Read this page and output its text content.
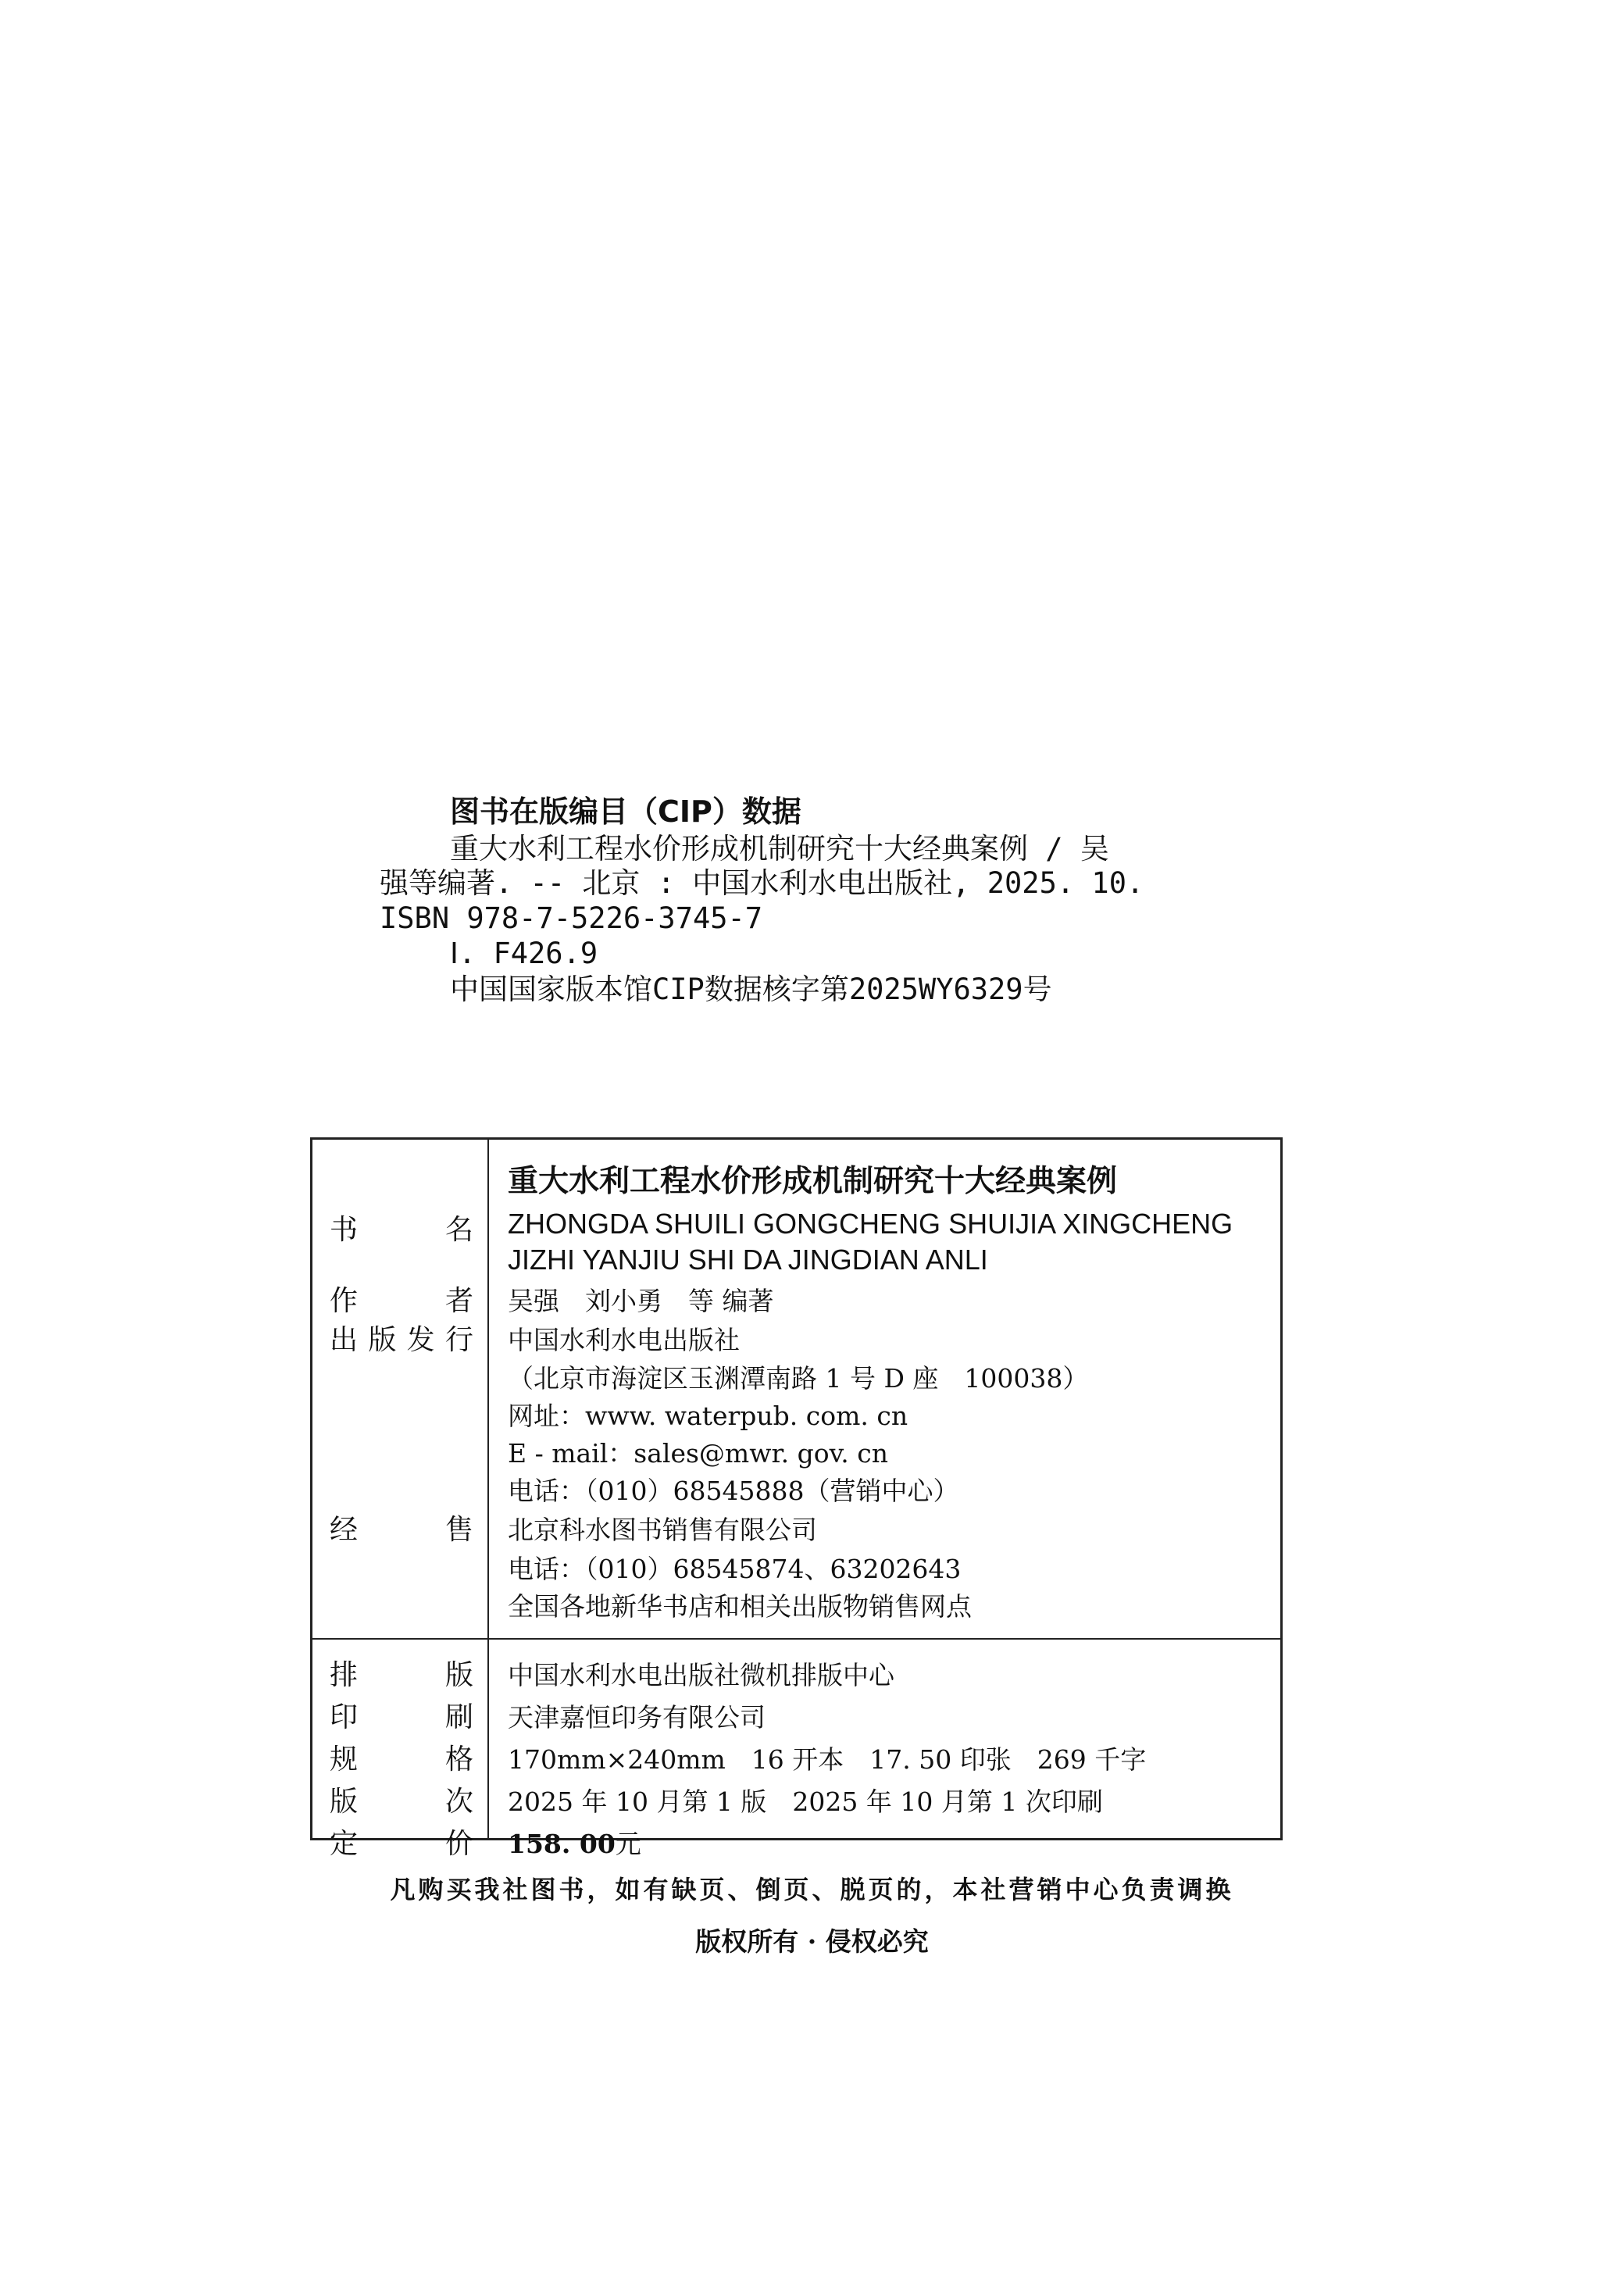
图书在版编目（CIP）数据
重大水利工程水价形成机制研究十大经典案例 / 吴
强等编著. -- 北京 : 中国水利水电出版社, 2025. 10.
ISBN 978-7-5226-3745-7
Ⅰ. F426.9
中国国家版本馆CIP数据核字第2025WY6329号
书	名
重大水利工程水价形成机制研究十大经典案例
ZHONGDA SHUILI GONGCHENG SHUIJIA XINGCHENG
JIZHI YANJIU SHI DA JINGDIAN ANLI
作	者 吴强　刘小勇　等 编著
出 版 发 行 中国水利水电出版社
（北京市海淀区玉渊潭南路 1 号 D 座　100038）
网址：www. waterpub. com. cn
E - mail：sales@mwr. gov. cn
电话：（010）68545888（营销中心）
经	售 北京科水图书销售有限公司
电话：（010）68545874、63202643
全国各地新华书店和相关出版物销售网点
排	版 中国水利水电出版社微机排版中心
印	刷 天津嘉恒印务有限公司
规	格 170mm×240mm　16 开本　17. 50 印张　269 千字
版	次 2025 年 10 月第 1 版　2025 年 10 月第 1 次印刷
定	价 158. 00元
凡购买我社图书，如有缺页、倒页、脱页的，本社营销中心负责调换
版权所有 · 侵权必究
